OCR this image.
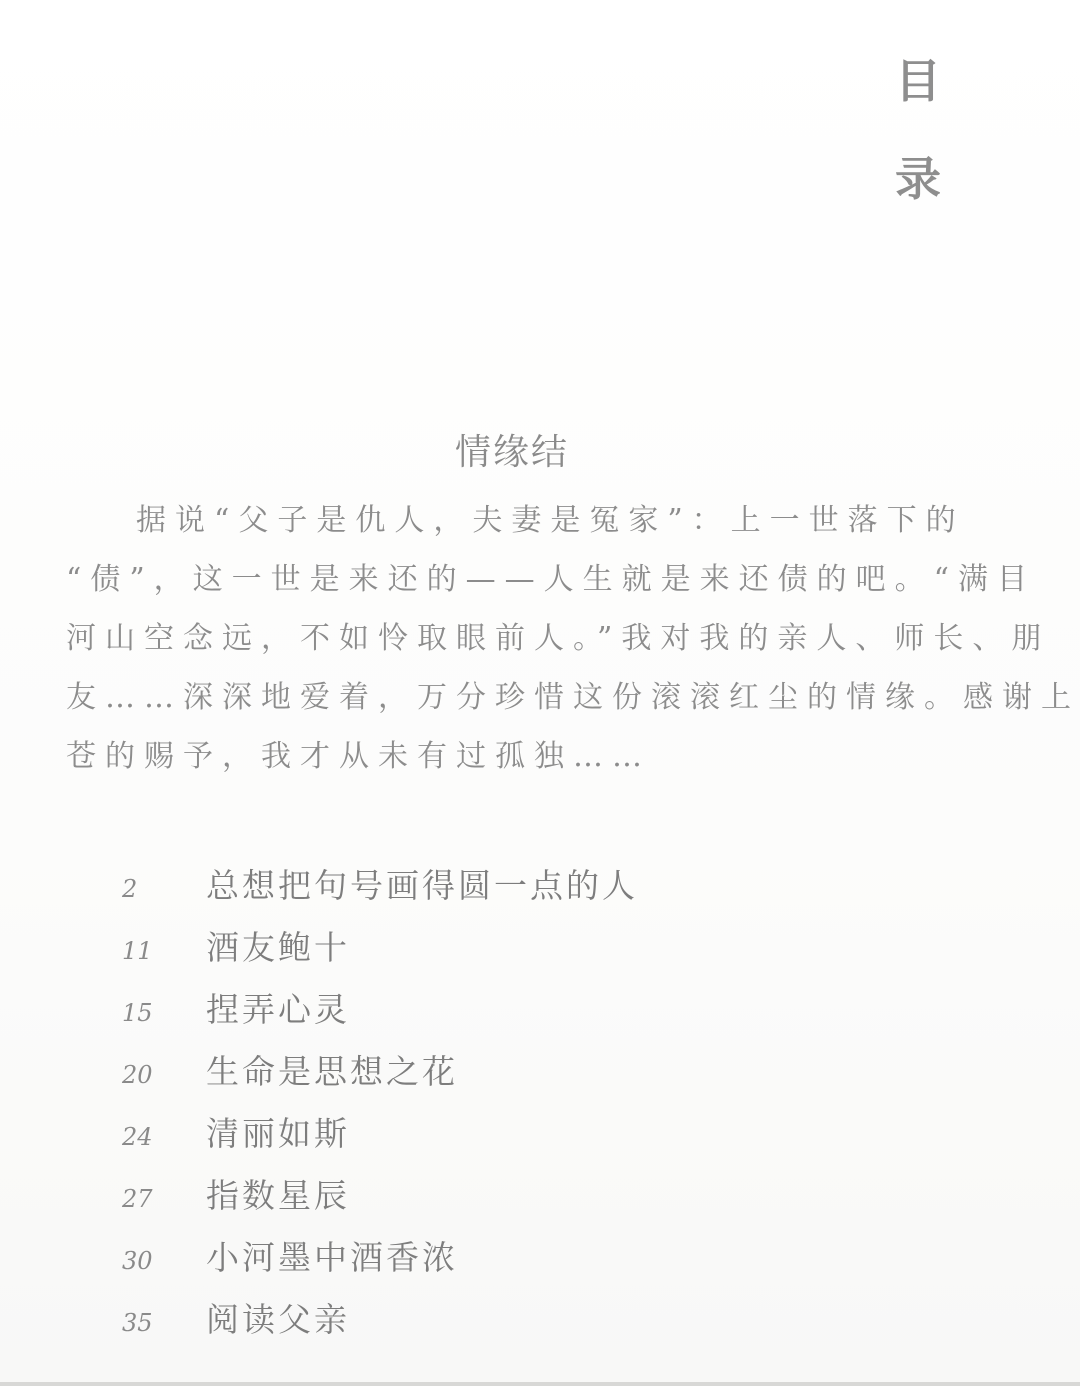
目
录
情缘结
据说“父子是仇人，夫妻是冤家”：上一世落下的
“债”，这一世是来还的——人生就是来还债的吧。“满目
河山空念远，不如怜取眼前人。”我对我的亲人、师长、朋
友……深深地爱着，万分珍惜这份滚滚红尘的情缘。感谢上
苍的赐予，我才从未有过孤独……
2	总想把句号画得圆一点的人
11	酒友鲍十
15	捏弄心灵
20	生命是思想之花
24	清丽如斯
27	指数星辰
30	小河墨中酒香浓
35	阅读父亲
